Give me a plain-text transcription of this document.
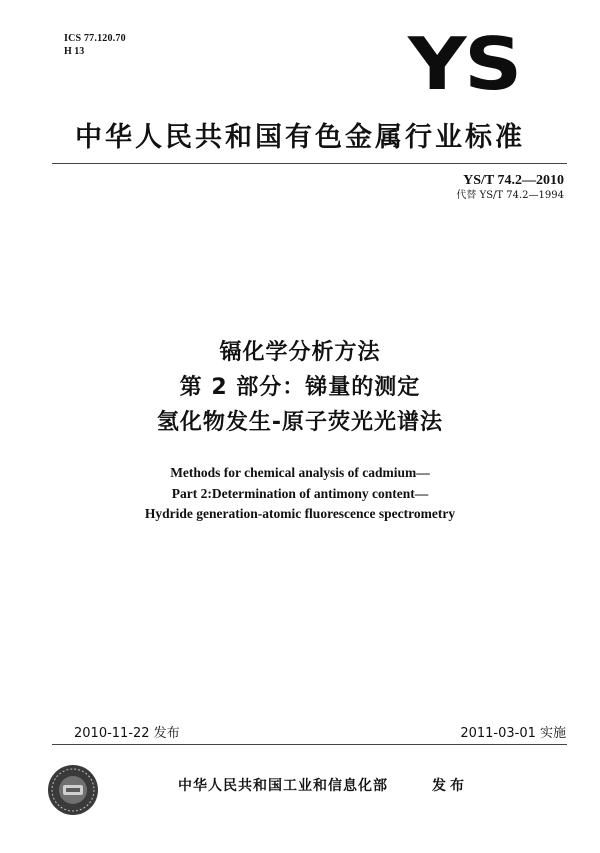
ICS 77.120.70
H 13	YS
中华人民共和国有色金属行业标准
YS/T 74.2—2010
代替 YS/T 74.2—1994
镉化学分析方法
第 2 部分：锑量的测定
氢化物发生-原子荧光光谱法
Methods for chemical analysis of cadmium—
Part 2:Determination of antimony content—
Hydride generation-atomic fluorescence spectrometry
2010-11-22 发布	2011-03-01 实施
中华人民共和国工业和信息化部	发布
